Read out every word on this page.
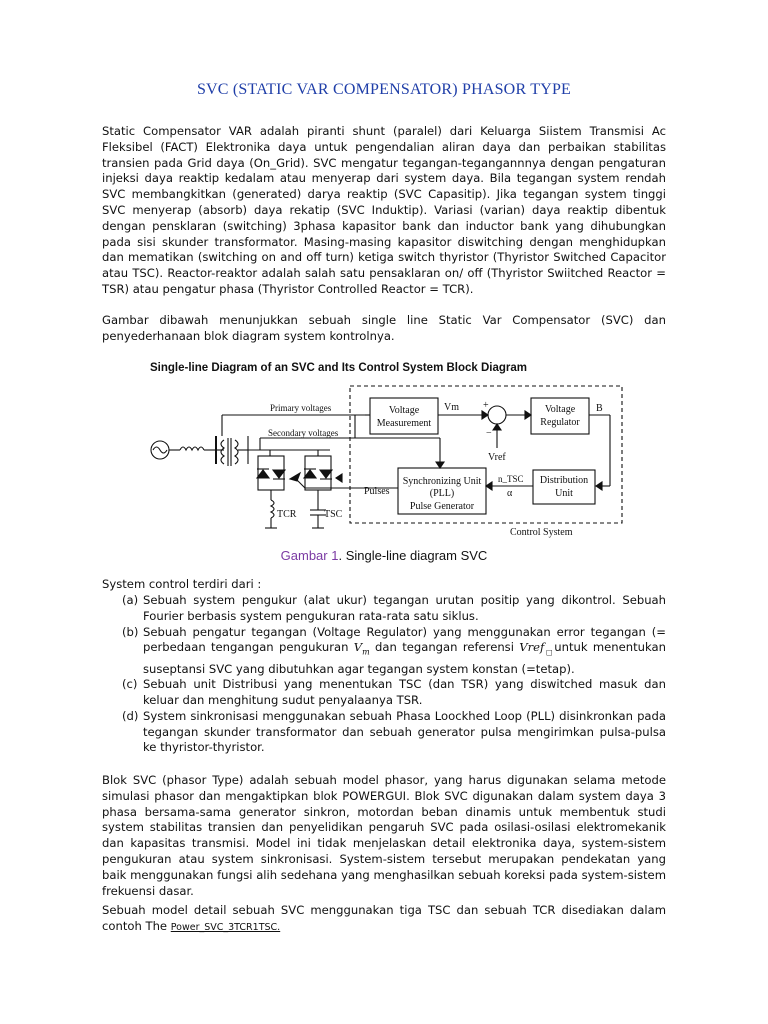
SVC (STATIC VAR COMPENSATOR) PHASOR TYPE
Static Compensator VAR adalah piranti shunt (paralel) dari Keluarga Siistem Transmisi Ac Fleksibel (FACT) Elektronika daya untuk pengendalian aliran daya dan perbaikan stabilitas transien pada Grid daya (On_Grid). SVC mengatur tegangan-tegangannnya dengan pengaturan injeksi daya reaktip kedalam atau menyerap dari system daya. Bila tegangan system rendah SVC membangkitkan (generated) darya reaktip (SVC Capasitip). Jika tegangan system tinggi SVC menyerap (absorb) daya rekatip (SVC Induktip). Variasi (varian) daya reaktip dibentuk dengan pensklaran (switching) 3phasa kapasitor bank dan inductor bank yang dihubungkan pada sisi skunder transformator. Masing-masing kapasitor diswitching dengan menghidupkan dan mematikan (switching on and off turn) ketiga switch thyristor (Thyristor Switched Capacitor atau TSC). Reactor-reaktor adalah salah satu pensaklaran on/ off (Thyristor Swiitched Reactor = TSR) atau pengatur phasa (Thyristor Controlled Reactor = TCR).
Gambar dibawah menunjukkan sebuah single line Static Var Compensator (SVC) dan penyederhanaan blok diagram system kontrolnya.
Single-line Diagram of an SVC and Its Control System Block Diagram
Primary voltages
Secondary voltages
Voltage
Measurement
Vm +
−
Vref
Voltage
Regulator
B
Synchronizing Unit
(PLL)
Pulse Generator
Pulses
n_TSC
α
Distribution
Unit
TCR	TSC
Control System
Gambar 1. Single-line diagram SVC
System control terdiri dari :
(a) Sebuah system pengukur (alat ukur) tegangan urutan positip yang dikontrol. Sebuah Fourier berbasis system pengukuran rata-rata satu siklus.
(b) Sebuah pengatur tegangan (Voltage Regulator) yang menggunakan error tegangan (= perbedaan tengangan pengukuran $V_m$ dan tegangan referensi Vref$_□$untuk menentukan suseptansi SVC yang dibutuhkan agar tegangan system konstan (=tetap).
(c) Sebuah unit Distribusi yang menentukan TSC (dan TSR) yang diswitched masuk dan keluar dan menghitung sudut penyalaanya TSR.
(d) System sinkronisasi menggunakan sebuah Phasa Loockhed Loop (PLL) disinkronkan pada tegangan skunder transformator dan sebuah generator pulsa mengirimkan pulsa-pulsa ke thyristor-thyristor.
Blok SVC (phasor Type) adalah sebuah model phasor, yang harus digunakan selama metode simulasi phasor dan mengaktipkan blok POWERGUI. Blok SVC digunakan dalam system daya 3 phasa bersama-sama generator sinkron, motordan beban dinamis untuk membentuk studi system stabilitas transien dan penyelidikan pengaruh SVC pada osilasi-osilasi elektromekanik dan kapasitas transmisi. Model ini tidak menjelaskan detail elektronika daya, system-sistem pengukuran atau system sinkronisasi. System-sistem tersebut merupakan pendekatan yang baik menggunakan fungsi alih sedehana yang menghasilkan sebuah koreksi pada system-sistem frekuensi dasar.
Sebuah model detail sebuah SVC menggunakan tiga TSC dan sebuah TCR disediakan dalam contoh The Power_SVC_3TCR1TSC.
